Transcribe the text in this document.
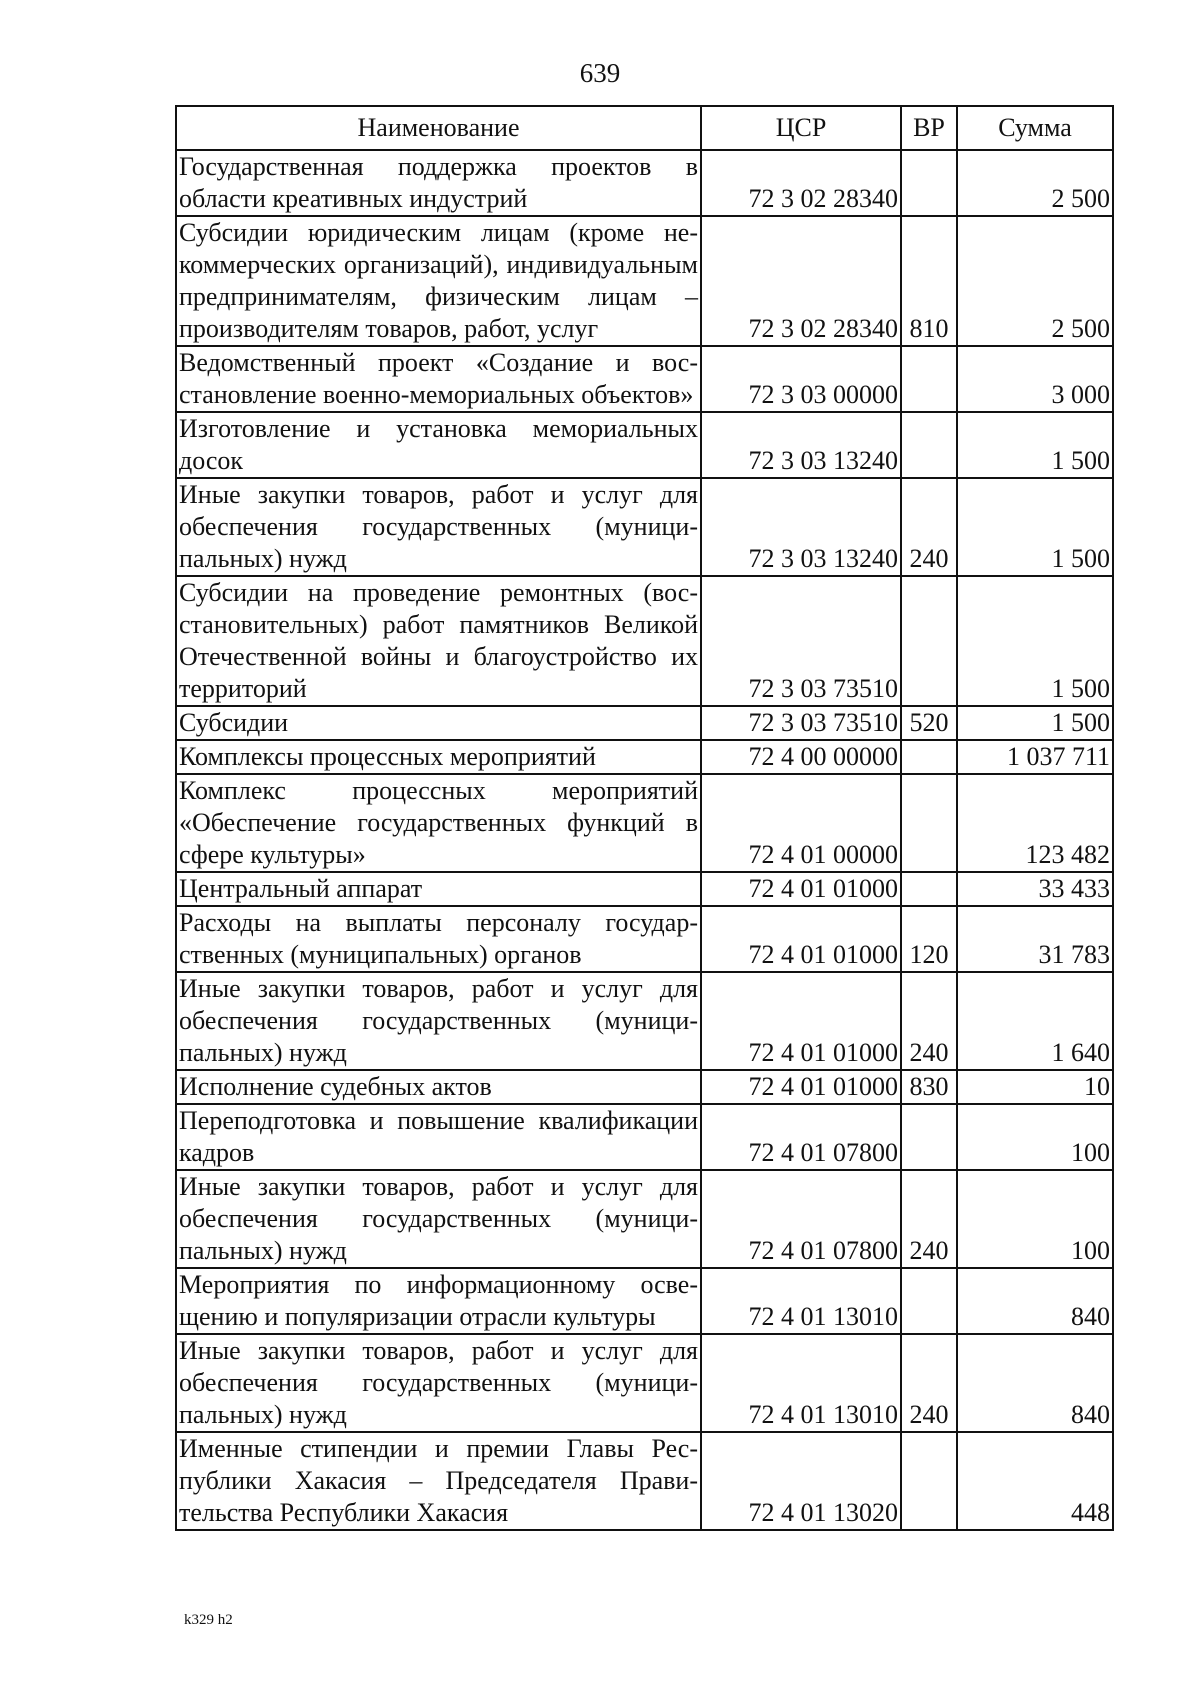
639
Наименование	ЦСР	ВР	Сумма
Государственная поддержка проектов в области креативных индустрий	72 3 02 28340		2 500
Субсидии юридическим лицам (кроме некоммерческих организаций), индивидуальным предпринимателям, физическим лицам – производителям товаров, работ, услуг	72 3 02 28340	810	2 500
Ведомственный проект «Создание и восстановление военно-мемориальных объектов»	72 3 03 00000		3 000
Изготовление и установка мемориальных досок	72 3 03 13240		1 500
Иные закупки товаров, работ и услуг для обеспечения государственных (муниципальных) нужд	72 3 03 13240	240	1 500
Субсидии на проведение ремонтных (восстановительных) работ памятников Великой Отечественной войны и благоустройство их территорий	72 3 03 73510		1 500
Субсидии	72 3 03 73510	520	1 500
Комплексы процессных мероприятий	72 4 00 00000		1 037 711
Комплекс процессных мероприятий «Обеспечение государственных функций в сфере культуры»	72 4 01 00000		123 482
Центральный аппарат	72 4 01 01000		33 433
Расходы на выплаты персоналу государственных (муниципальных) органов	72 4 01 01000	120	31 783
Иные закупки товаров, работ и услуг для обеспечения государственных (муниципальных) нужд	72 4 01 01000	240	1 640
Исполнение судебных актов	72 4 01 01000	830	10
Переподготовка и повышение квалификации кадров	72 4 01 07800		100
Иные закупки товаров, работ и услуг для обеспечения государственных (муниципальных) нужд	72 4 01 07800	240	100
Мероприятия по информационному освещению и популяризации отрасли культуры	72 4 01 13010		840
Иные закупки товаров, работ и услуг для обеспечения государственных (муниципальных) нужд	72 4 01 13010	240	840
Именные стипендии и премии Главы Республики Хакасия – Председателя Правительства Республики Хакасия	72 4 01 13020		448
k329 h2
